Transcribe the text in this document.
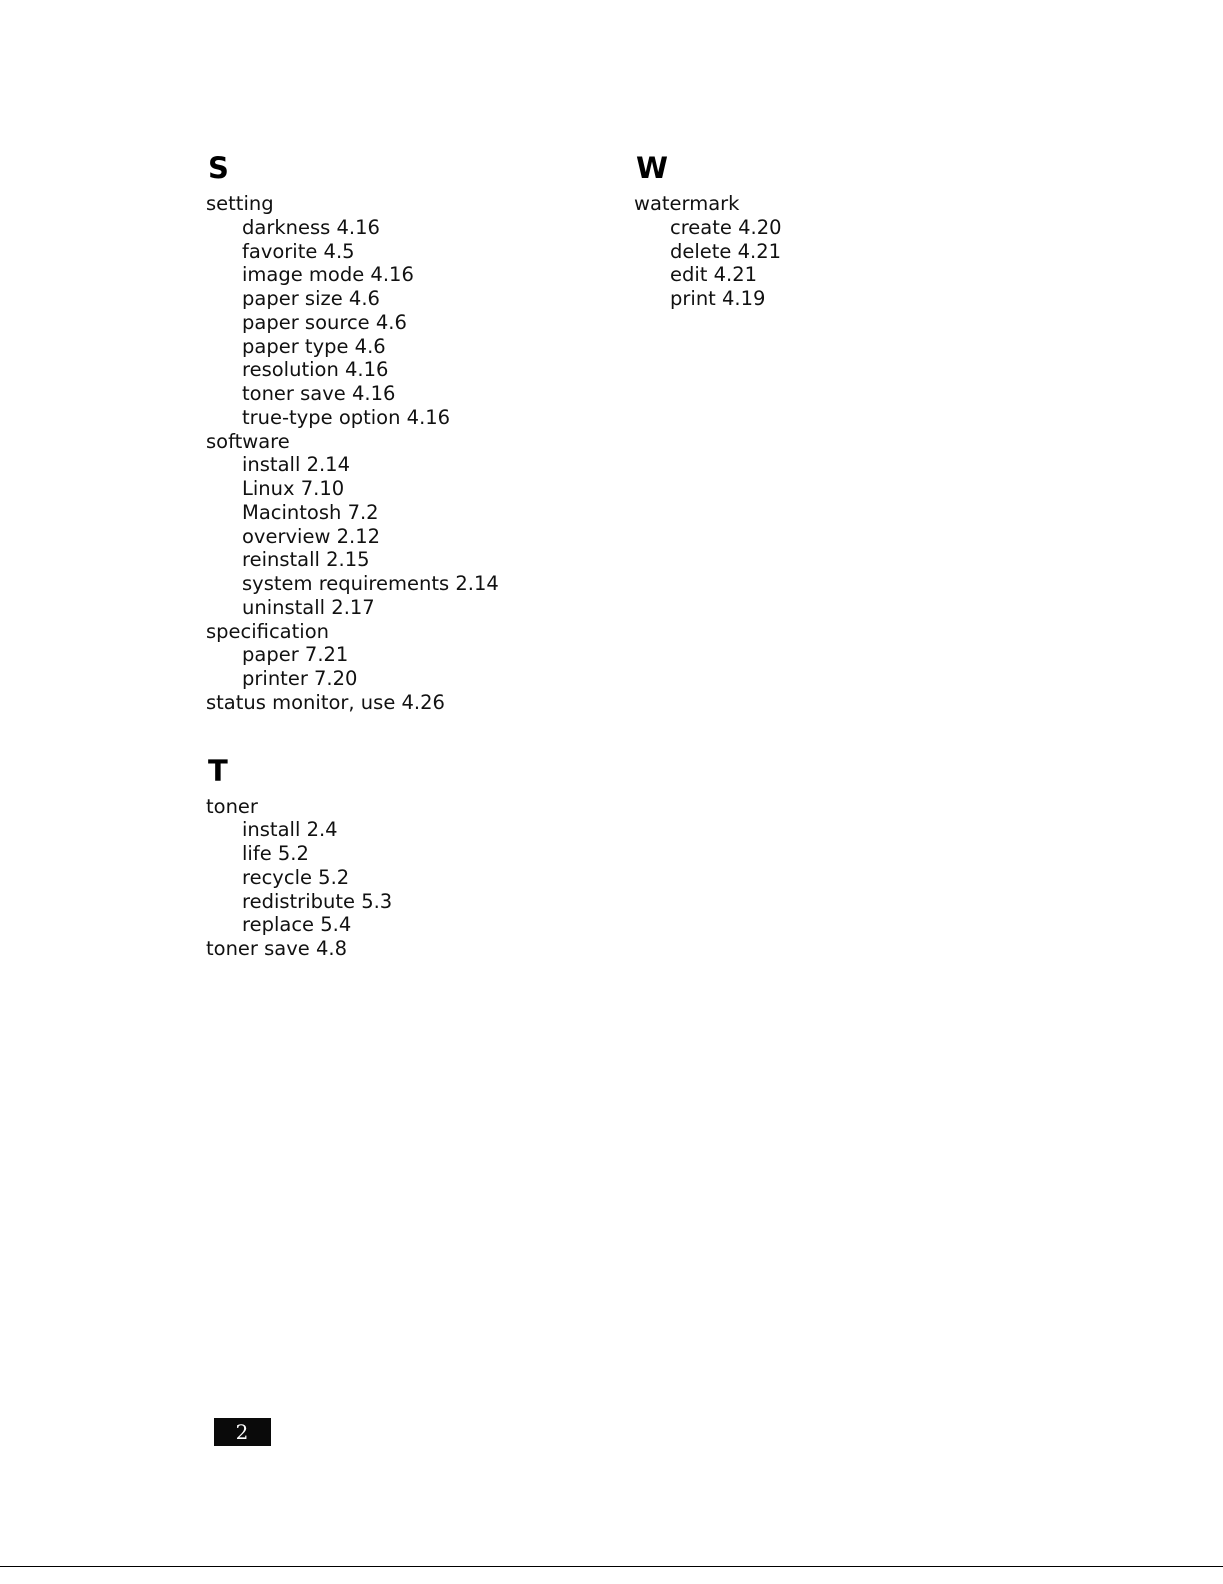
S
setting
darkness 4.16
favorite 4.5
image mode 4.16
paper size 4.6
paper source 4.6
paper type 4.6
resolution 4.16
toner save 4.16
true-type option 4.16
software
install 2.14
Linux 7.10
Macintosh 7.2
overview 2.12
reinstall 2.15
system requirements 2.14
uninstall 2.17
specification
paper 7.21
printer 7.20
status monitor, use 4.26
T
toner
install 2.4
life 5.2
recycle 5.2
redistribute 5.3
replace 5.4
toner save 4.8
W
watermark
create 4.20
delete 4.21
edit 4.21
print 4.19
2
